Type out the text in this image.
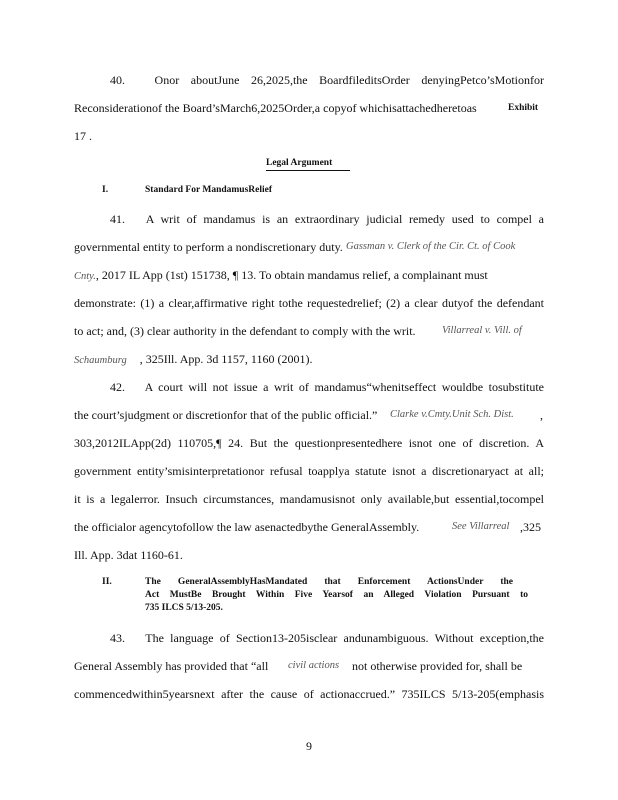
40. Onor aboutJune 26,2025,the BoardfileditsOrder denyingPetco’sMotionfor
Reconsiderationof the Board’sMarch6,2025Order,a copyof whichisattachedheretoas	Exhibit
17 .
Legal Argument
I.	Standard For MandamusRelief
41. A writ of mandamus is an extraordinary judicial remedy used to compel a
governmental entity to perform a nondiscretionary duty. Gassman v. Clerk of the Cir. Ct. of Cook
Cnty., 2017 IL App (1st) 151738, ¶ 13. To obtain mandamus relief, a complainant must
demonstrate: (1) a clear,affirmative right tothe requestedrelief; (2) a clear dutyof the defendant
to act; and, (3) clear authority in the defendant to comply with the writ.	Villarreal v. Vill. of
Schaumburg , 325Ill. App. 3d 1157, 1160 (2001).
42. A court will not issue a writ of mandamus“whenitseffect wouldbe tosubstitute
the court’sjudgment or discretionfor that of the public official.” Clarke v.Cmty.Unit Sch. Dist. ,
303,2012ILApp(2d) 110705,¶ 24. But the questionpresentedhere isnot one of discretion. A
government entity’smisinterpretationor refusal toapplya statute isnot a discretionaryact at all;
it is a legalerror. Insuch circumstances, mandamusisnot only available,but essential,tocompel
the officialor agencytofollow the law asenactedbythe GeneralAssembly.	See Villarreal ,325
Ill. App. 3dat 1160-61.
II.	The GeneralAssemblyHasMandated that Enforcement ActionsUnder the
Act MustBe Brought Within Five Yearsof an Alleged Violation Pursuant to
735 ILCS 5/13-205.
43. The language of Section13-205isclear andunambiguous. Without exception,the
General Assembly has provided that “all civil actions not otherwise provided for, shall be
commencedwithin5yearsnext after the cause of actionaccrued.” 735ILCS 5/13-205(emphasis
9
